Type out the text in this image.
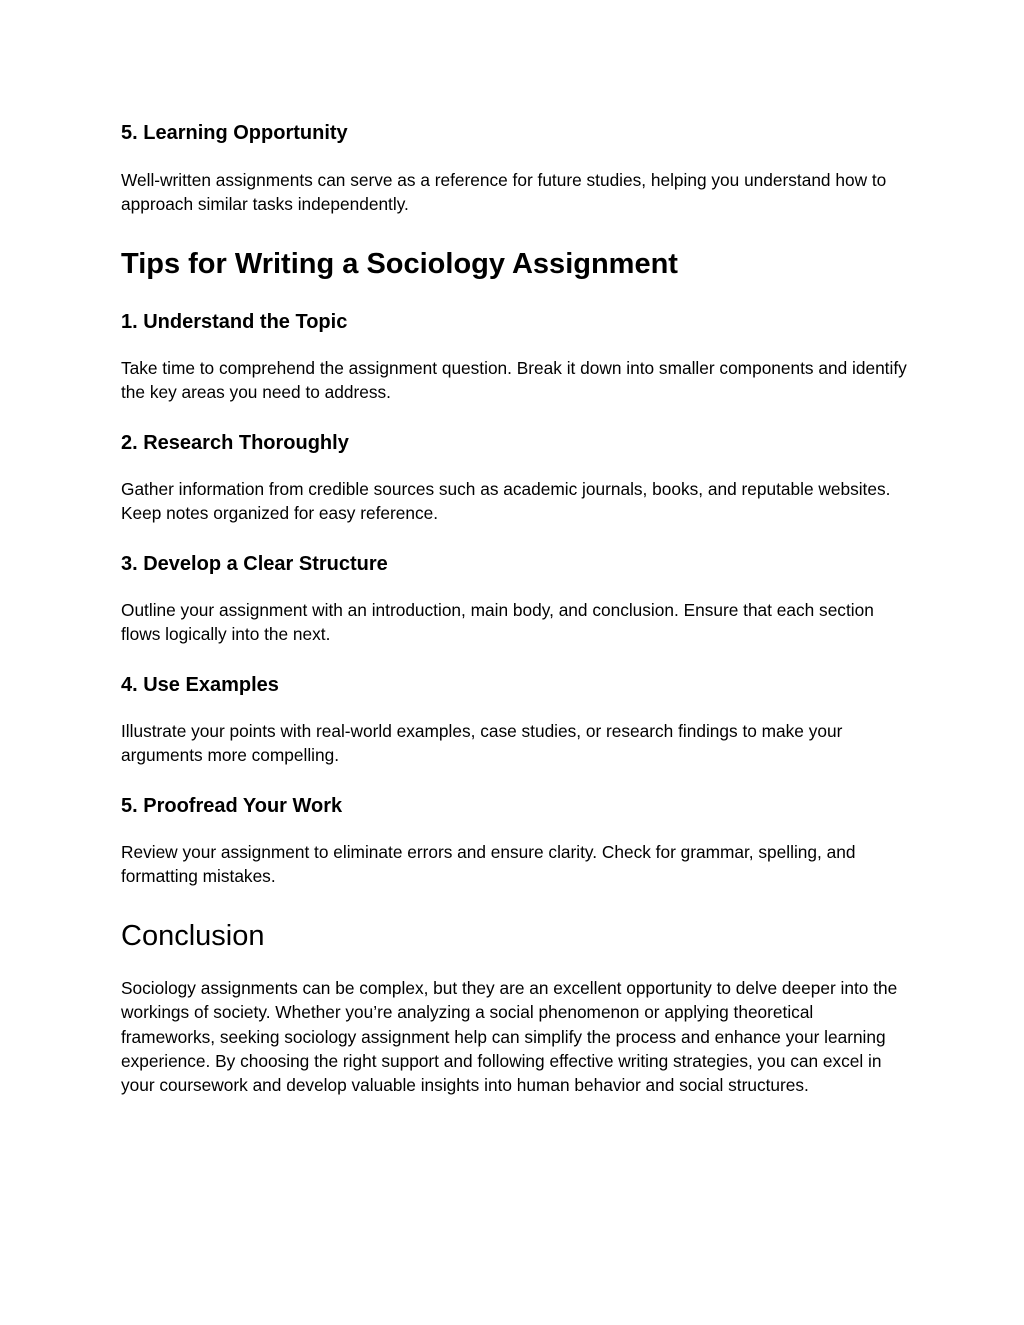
5. Learning Opportunity

Well-written assignments can serve as a reference for future studies, helping you understand how to approach similar tasks independently.

Tips for Writing a Sociology Assignment
1. Understand the Topic

Take time to comprehend the assignment question. Break it down into smaller components and identify the key areas you need to address.

2. Research Thoroughly

Gather information from credible sources such as academic journals, books, and reputable websites. Keep notes organized for easy reference.

3. Develop a Clear Structure

Outline your assignment with an introduction, main body, and conclusion. Ensure that each section flows logically into the next.

4. Use Examples

Illustrate your points with real-world examples, case studies, or research findings to make your arguments more compelling.

5. Proofread Your Work

Review your assignment to eliminate errors and ensure clarity. Check for grammar, spelling, and formatting mistakes.

Conclusion

Sociology assignments can be complex, but they are an excellent opportunity to delve deeper into the workings of society. Whether you’re analyzing a social phenomenon or applying theoretical frameworks, seeking sociology assignment help can simplify the process and enhance your learning experience. By choosing the right support and following effective writing strategies, you can excel in your coursework and develop valuable insights into human behavior and social structures.
